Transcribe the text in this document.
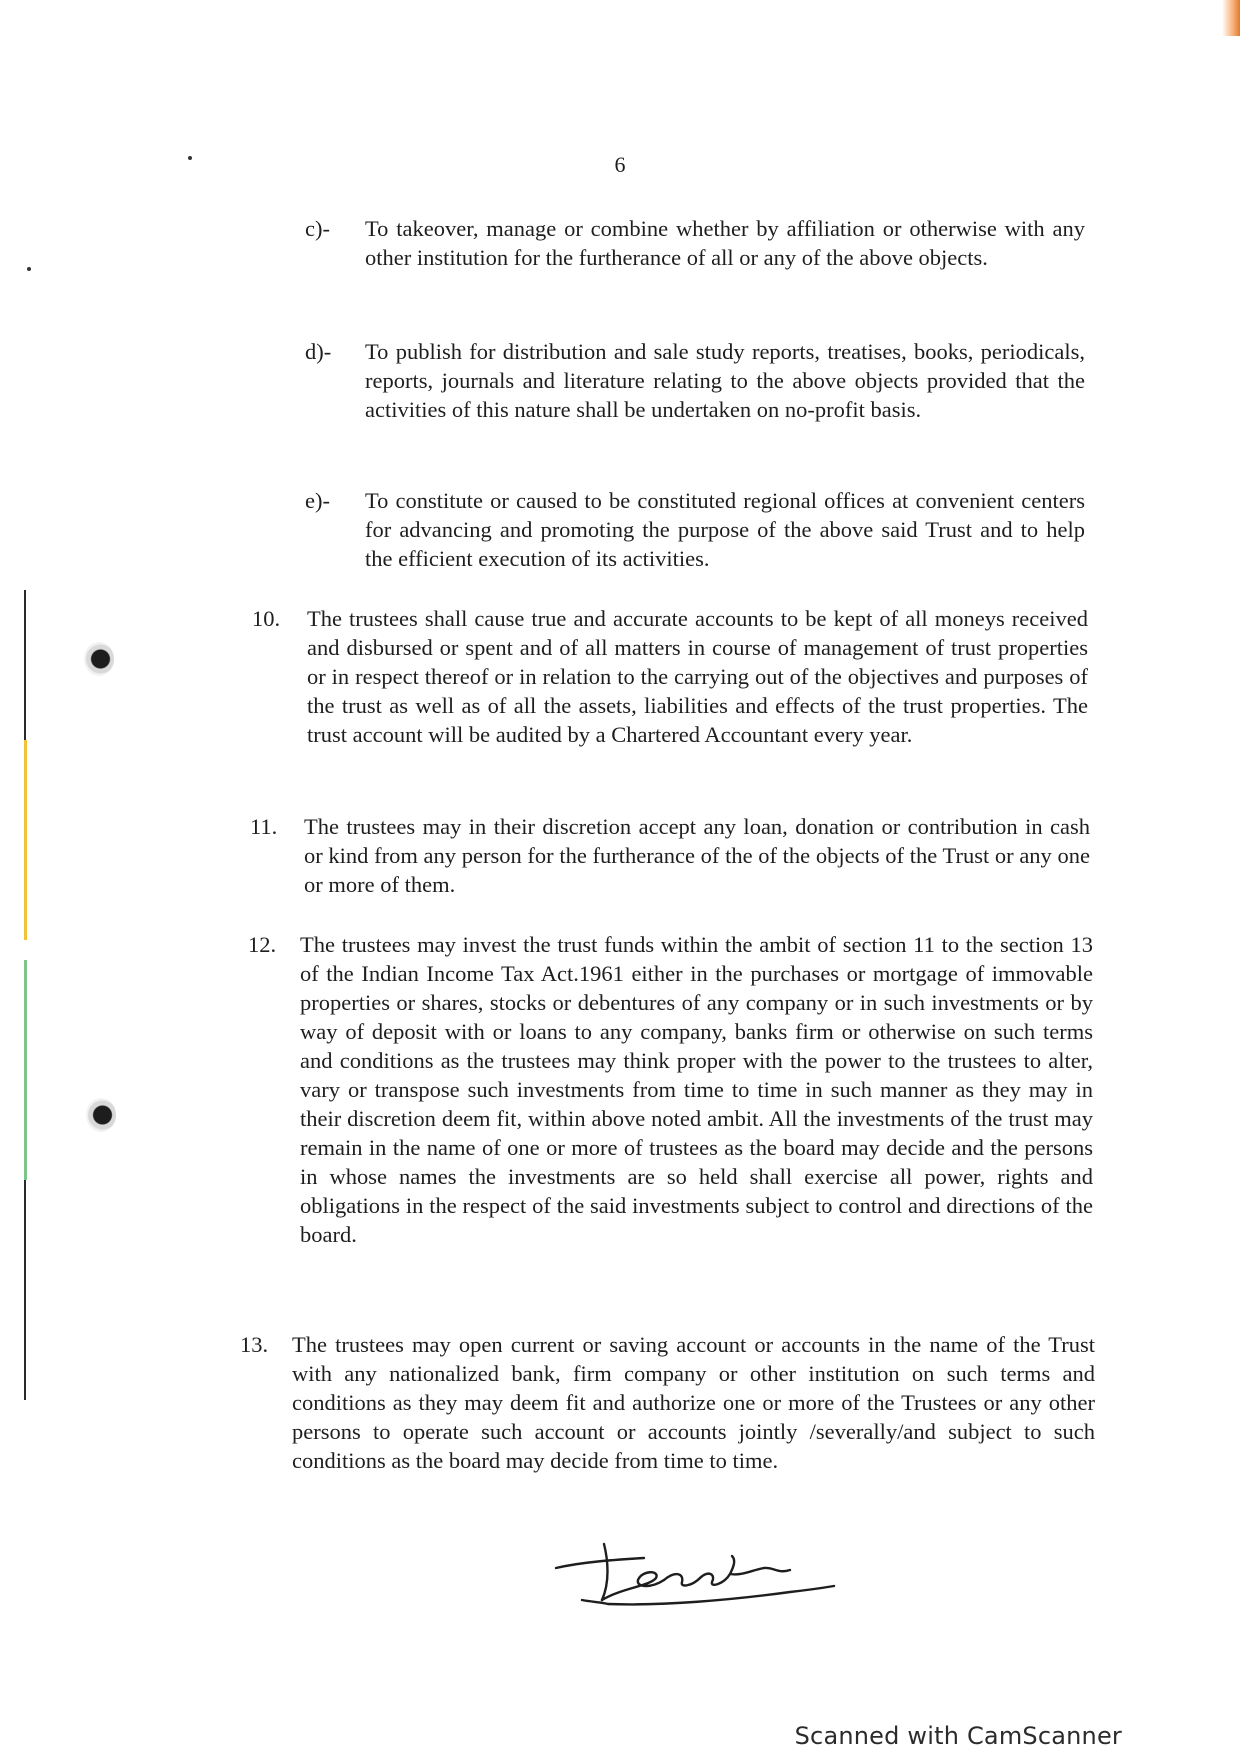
6
c)- To takeover, manage or combine whether by affiliation or otherwise with any other institution for the furtherance of all or any of the above objects.
d)- To publish for distribution and sale study reports, treatises, books, periodicals, reports, journals and literature relating to the above objects provided that the activities of this nature shall be undertaken on no-profit basis.
e)- To constitute or caused to be constituted regional offices at convenient centers for advancing and promoting the purpose of the above said Trust and to help the efficient execution of its activities.
10. The trustees shall cause true and accurate accounts to be kept of all moneys received and disbursed or spent and of all matters in course of management of trust properties or in respect thereof or in relation to the carrying out of the objectives and purposes of the trust as well as of all the assets, liabilities and effects of the trust properties. The trust account will be audited by a Chartered Accountant every year.
11. The trustees may in their discretion accept any loan, donation or contribution in cash or kind from any person for the furtherance of the of the objects of the Trust or any one or more of them.
12. The trustees may invest the trust funds within the ambit of section 11 to the section 13 of the Indian Income Tax Act.1961 either in the purchases or mortgage of immovable properties or shares, stocks or debentures of any company or in such investments or by way of deposit with or loans to any company, banks firm or otherwise on such terms and conditions as the trustees may think proper with the power to the trustees to alter, vary or transpose such investments from time to time in such manner as they may in their discretion deem fit, within above noted ambit. All the investments of the trust may remain in the name of one or more of trustees as the board may decide and the persons in whose names the investments are so held shall exercise all power, rights and obligations in the respect of the said investments subject to control and directions of the board.
13. The trustees may open current or saving account or accounts in the name of the Trust with any nationalized bank, firm company or other institution on such terms and conditions as they may deem fit and authorize one or more of the Trustees or any other persons to operate such account or accounts jointly /severally/and subject to such conditions as the board may decide from time to time.
Scanned with CamScanner
